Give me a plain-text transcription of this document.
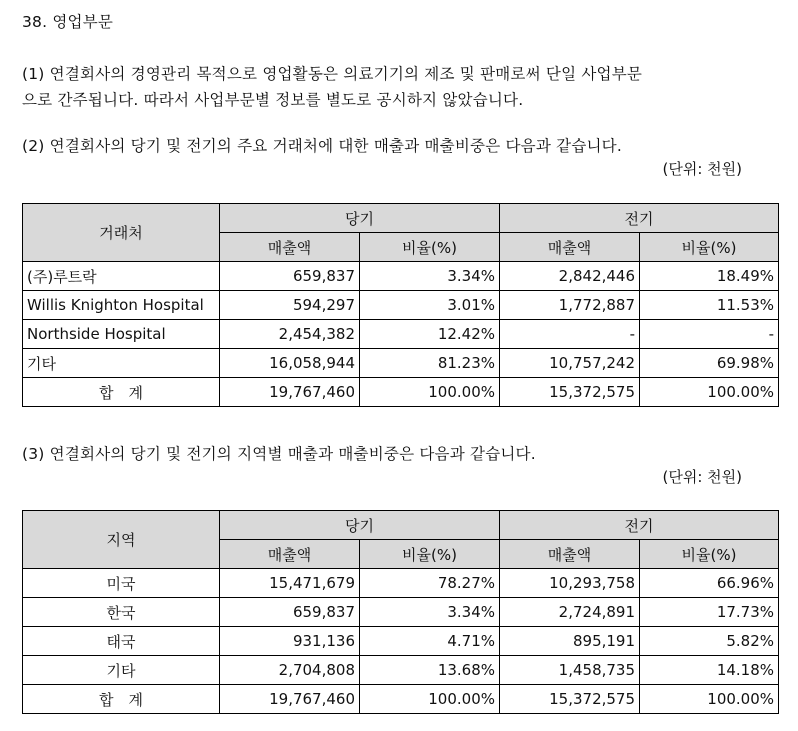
38. 영업부문
(1) 연결회사의 경영관리 목적으로 영업활동은 의료기기의 제조 및 판매로써 단일 사업부문
으로 간주됩니다. 따라서 사업부문별 정보를 별도로 공시하지 않았습니다.
(2) 연결회사의 당기 및 전기의 주요 거래처에 대한 매출과 매출비중은 다음과 같습니다.
(단위: 천원)
거래처	당기		전기	
	매출액	비율(%)	매출액	비율(%)
(주)루트락	659,837	3.34%	2,842,446	18.49%
Willis Knighton Hospital	594,297	3.01%	1,772,887	11.53%
Northside Hospital	2,454,382	12.42%	-	-
기타	16,058,944	81.23%	10,757,242	69.98%
합　계	19,767,460	100.00%	15,372,575	100.00%
(3) 연결회사의 당기 및 전기의 지역별 매출과 매출비중은 다음과 같습니다.
(단위: 천원)
지역	당기		전기	
	매출액	비율(%)	매출액	비율(%)
미국	15,471,679	78.27%	10,293,758	66.96%
한국	659,837	3.34%	2,724,891	17.73%
태국	931,136	4.71%	895,191	5.82%
기타	2,704,808	13.68%	1,458,735	14.18%
합　계	19,767,460	100.00%	15,372,575	100.00%
